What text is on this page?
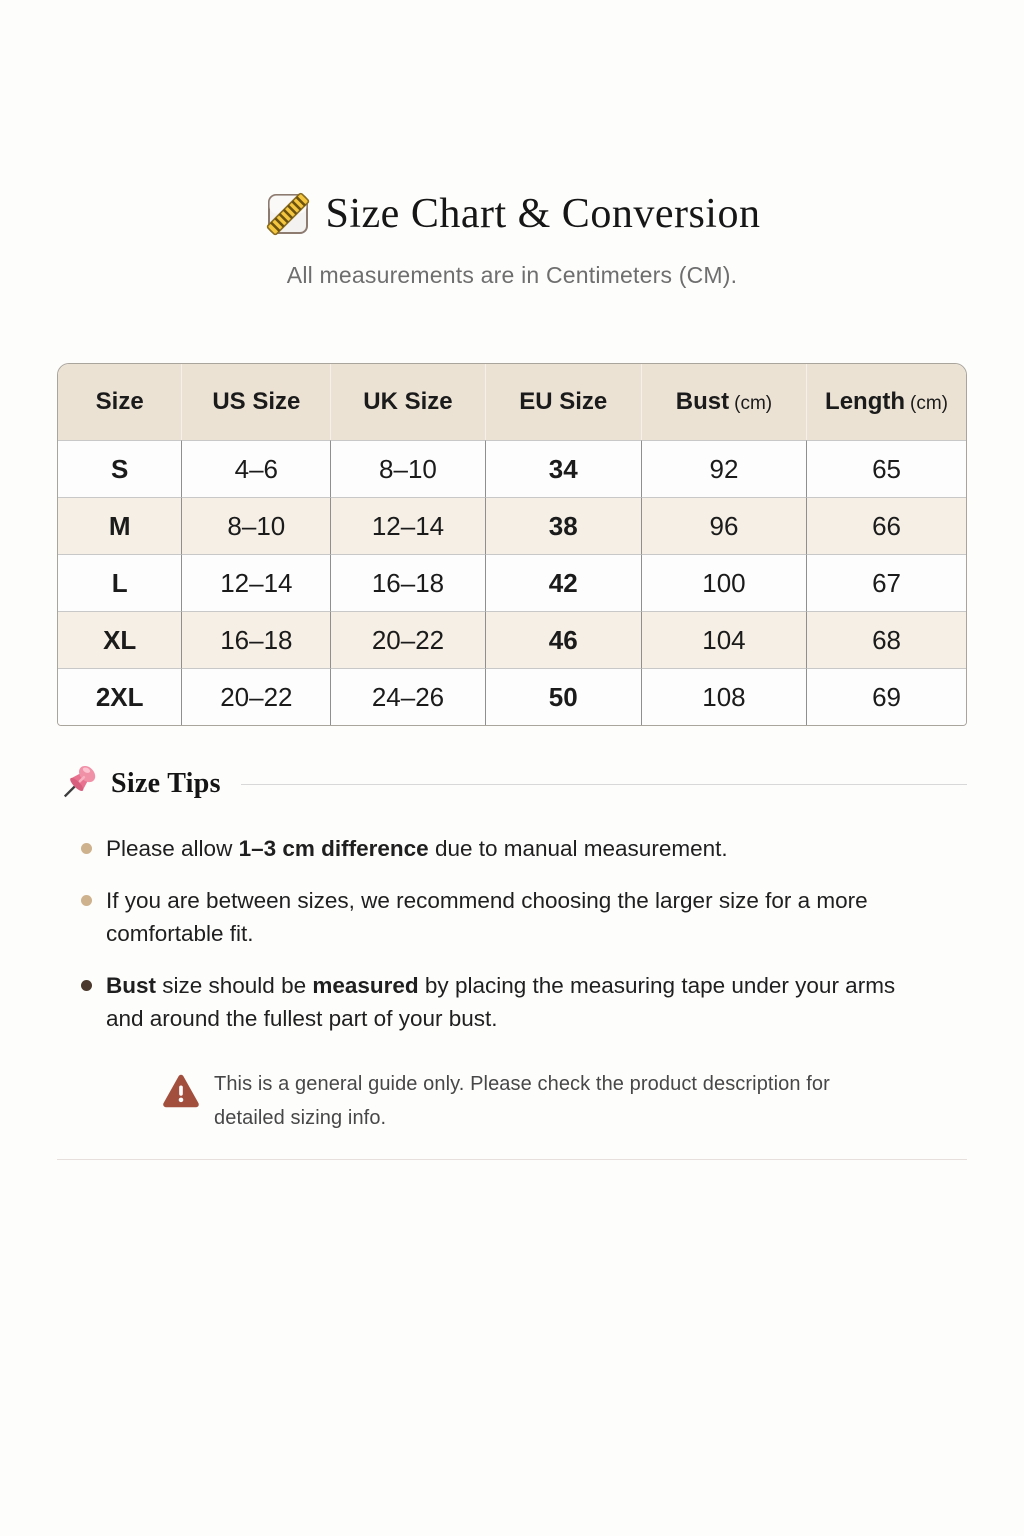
Size Chart & Conversion
All measurements are in Centimeters (CM).
Size	US Size	UK Size	EU Size	Bust (cm)	Length (cm)
S	4–6	8–10	34	92	65
M	8–10	12–14	38	96	66
L	12–14	16–18	42	100	67
XL	16–18	20–22	46	104	68
2XL	20–22	24–26	50	108	69
Size Tips
Please allow 1–3 cm difference due to manual measurement.
If you are between sizes, we recommend choosing the larger size for a more comfortable fit.
Bust size should be measured by placing the measuring tape under your arms and around the fullest part of your bust.
This is a general guide only. Please check the product description for detailed sizing info.
